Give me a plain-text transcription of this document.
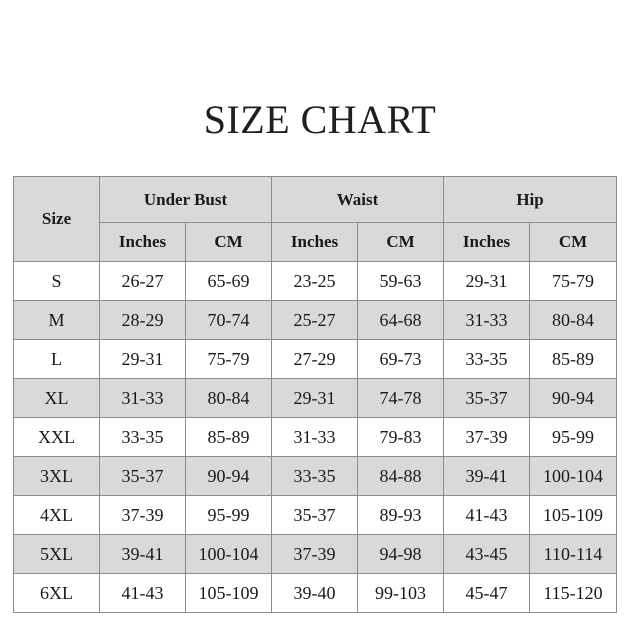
SIZE CHART
Size	Under Bust		Waist		Hip	
	Inches	CM	Inches	CM	Inches	CM
S	26-27	65-69	23-25	59-63	29-31	75-79
M	28-29	70-74	25-27	64-68	31-33	80-84
L	29-31	75-79	27-29	69-73	33-35	85-89
XL	31-33	80-84	29-31	74-78	35-37	90-94
XXL	33-35	85-89	31-33	79-83	37-39	95-99
3XL	35-37	90-94	33-35	84-88	39-41	100-104
4XL	37-39	95-99	35-37	89-93	41-43	105-109
5XL	39-41	100-104	37-39	94-98	43-45	110-114
6XL	41-43	105-109	39-40	99-103	45-47	115-120
